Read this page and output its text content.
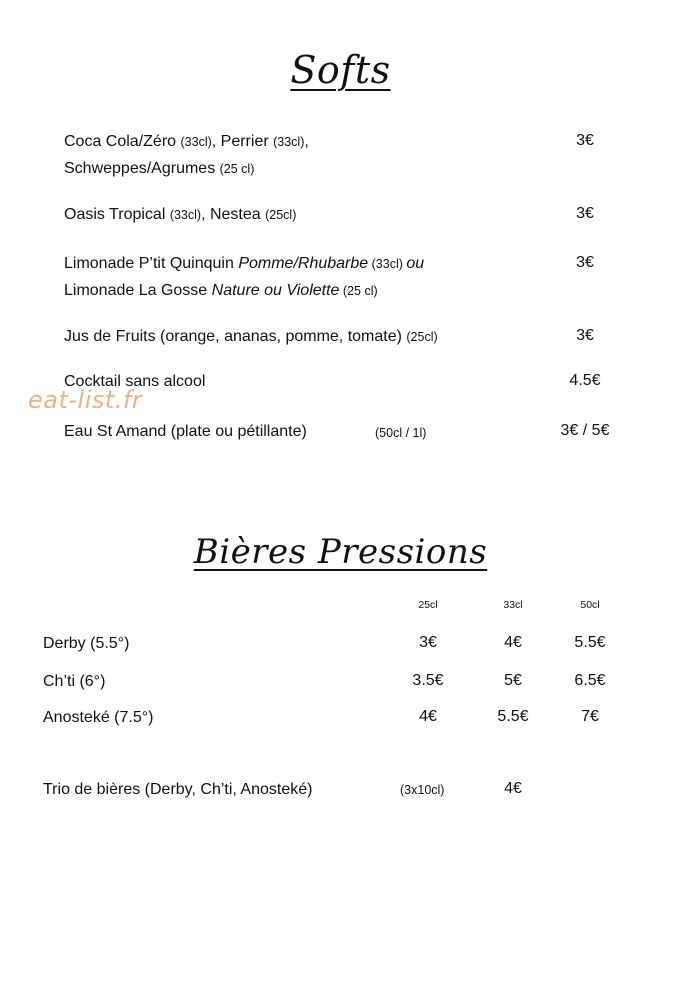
Softs
Coca Cola/Zéro (33cl), Perrier (33cl),
Schweppes/Agrumes (25 cl)
3€
Oasis Tropical (33cl), Nestea (25cl)	3€
Limonade P’tit Quinquin Pomme/Rhubarbe (33cl) ou
Limonade La Gosse Nature ou Violette (25 cl)
3€
Jus de Fruits (orange, ananas, pomme, tomate) (25cl)	3€
Cocktail sans alcool	4.5€
eat-list.fr
Eau St Amand (plate ou pétillante)	(50cl / 1l)	3€ / 5€
Bières Pressions
25cl	33cl	50cl
Derby (5.5°)	3€	4€	5.5€
Ch’ti (6°)	3.5€	5€	6.5€
Anosteké (7.5°)	4€	5.5€	7€
Trio de bières (Derby, Ch’ti, Anosteké)	(3x10cl)	4€
